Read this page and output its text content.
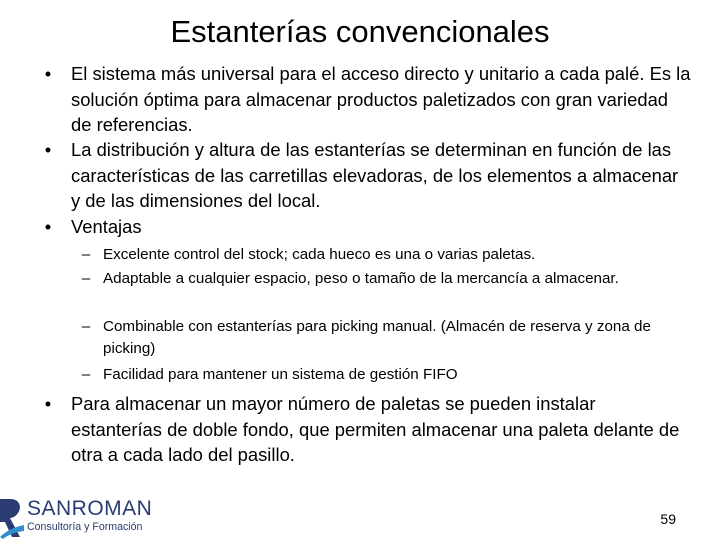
Estanterías convencionales
• El sistema más universal para el acceso directo y unitario a cada palé. Es la solución óptima para almacenar productos paletizados con gran variedad de referencias.
• La distribución y altura de las estanterías se determinan en función de las características de las carretillas elevadoras, de los elementos a almacenar y de las dimensiones del local.
• Ventajas
– Excelente control del stock; cada hueco es una o varias paletas.
– Adaptable a cualquier espacio, peso o tamaño de la mercancía a almacenar.
– Combinable con estanterías para picking manual. (Almacén de reserva y zona de picking)
– Facilidad para mantener un sistema de gestión FIFO
• Para almacenar un mayor número de paletas se pueden instalar estanterías de doble fondo, que permiten almacenar una paleta delante de otra a cada lado del pasillo.
SANROMAN
Consultoría y Formación	59
